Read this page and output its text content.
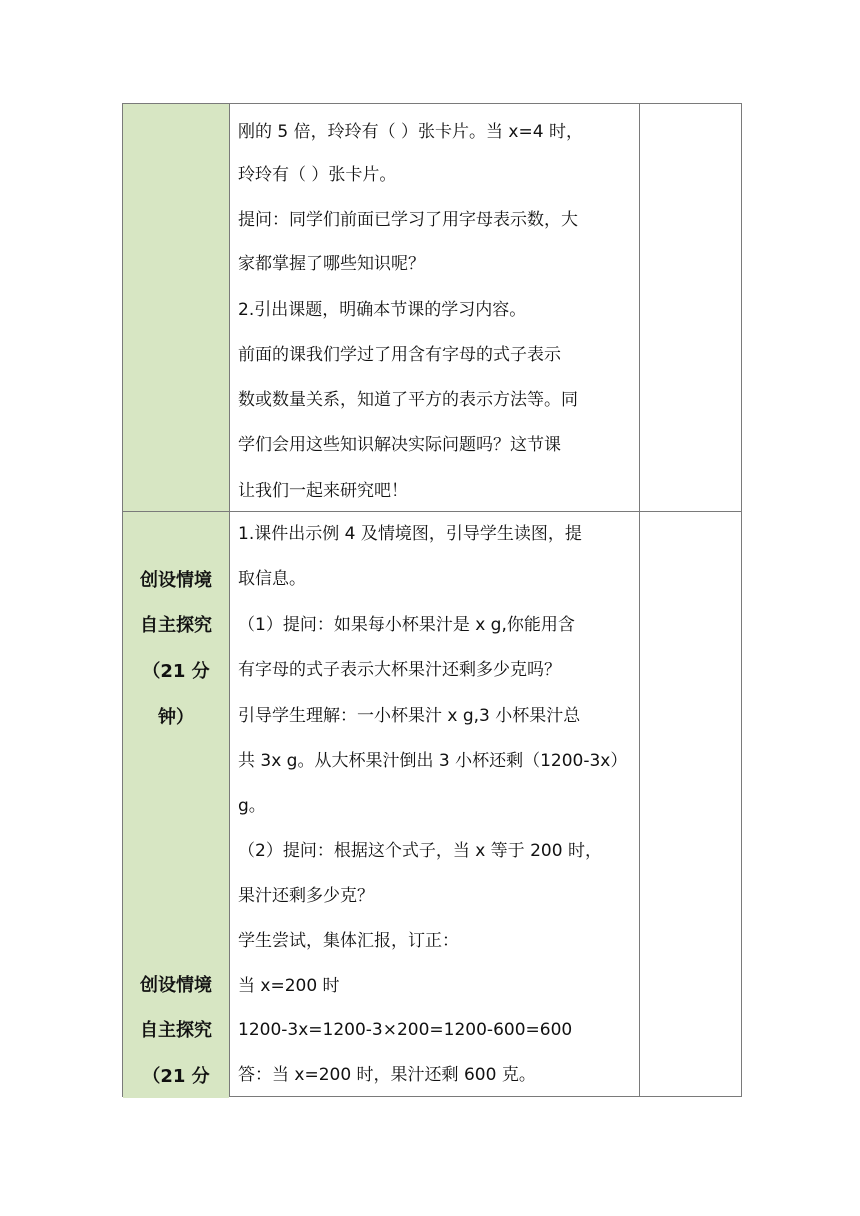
刚的 5 倍，玲玲有（ ）张卡片。当 x=4 时，
玲玲有（ ）张卡片。
提问：同学们前面已学习了用字母表示数，大
家都掌握了哪些知识呢？
2.引出课题，明确本节课的学习内容。
前面的课我们学过了用含有字母的式子表示
数或数量关系，知道了平方的表示方法等。同
学们会用这些知识解决实际问题吗？这节课
让我们一起来研究吧！
创设情境
自主探究
（21 分
钟）
创设情境
自主探究
（21 分
1.课件出示例 4 及情境图，引导学生读图，提
取信息。
（1）提问：如果每小杯果汁是 x g,你能用含
有字母的式子表示大杯果汁还剩多少克吗？
引导学生理解：一小杯果汁 x g,3 小杯果汁总
共 3x g。从大杯果汁倒出 3 小杯还剩（1200-3x）
g。
（2）提问：根据这个式子，当 x 等于 200 时，
果汁还剩多少克？
学生尝试，集体汇报，订正：
当 x=200 时
1200-3x=1200-3×200=1200-600=600
答：当 x=200 时，果汁还剩 600 克。
